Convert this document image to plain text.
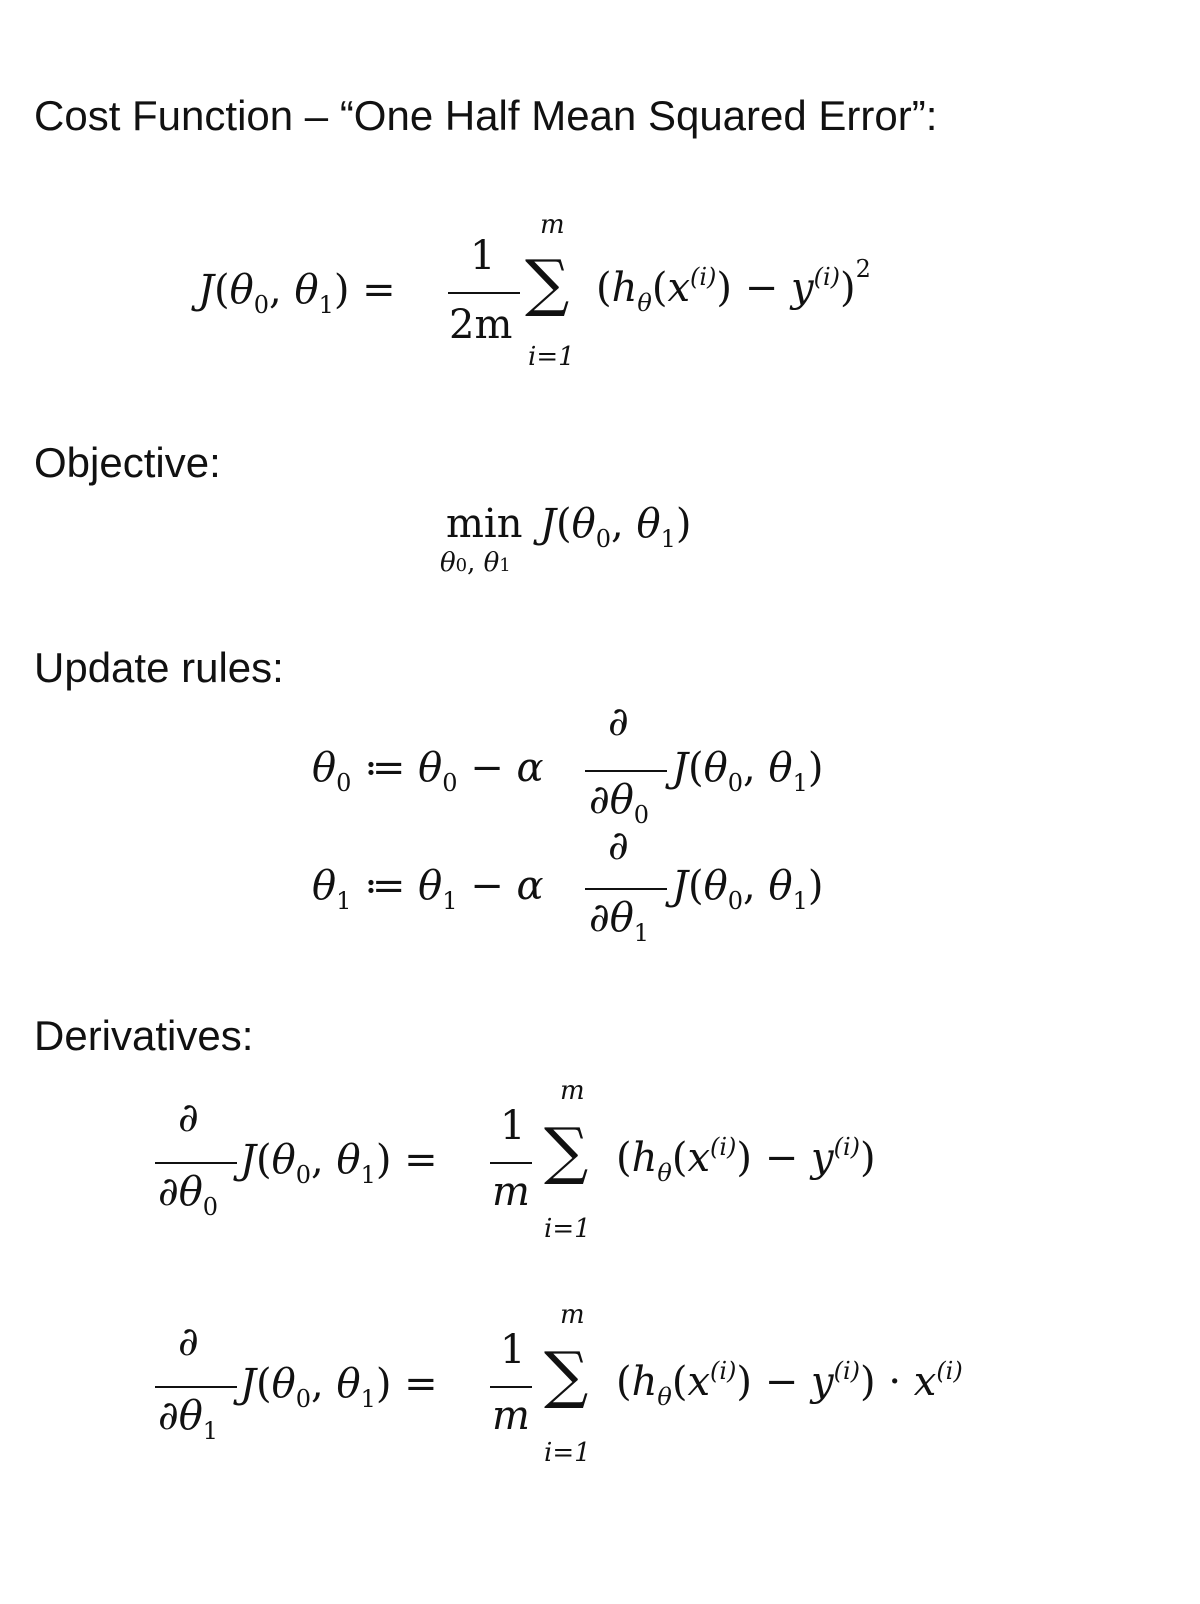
Cost Function – “One Half Mean Squared Error”:
Objective:
Update rules:
Derivatives:
$J(\theta_0$, $\theta_1$) =
1
2m
m
∑
i=1
$(h_\theta(x^{(i)}) - y^{(i)})^2$
min
θ0, θ1
$J(\theta_0$, $\theta_1$)
$\theta_0$ ≔ $\theta_0 - \alpha$
∂
$\partial\theta_0$
$J(\theta_0$, $\theta_1$)
$\theta_1$ ≔ $\theta_1 - \alpha$
∂
$\partial\theta_1$
$J(\theta_0$, $\theta_1$)
∂
$\partial\theta_0$
$J(\theta_0$, $\theta_1$) =
1
m
m
∑
i=1
$(h_\theta(x^{(i)}) - y^{(i)})$
∂
$\partial\theta_1$
$J(\theta_0$, $\theta_1$) =
1
m
m
∑
i=1
$(h_\theta(x^{(i)}) - y^{(i)}) \cdot x^{(i)}$
